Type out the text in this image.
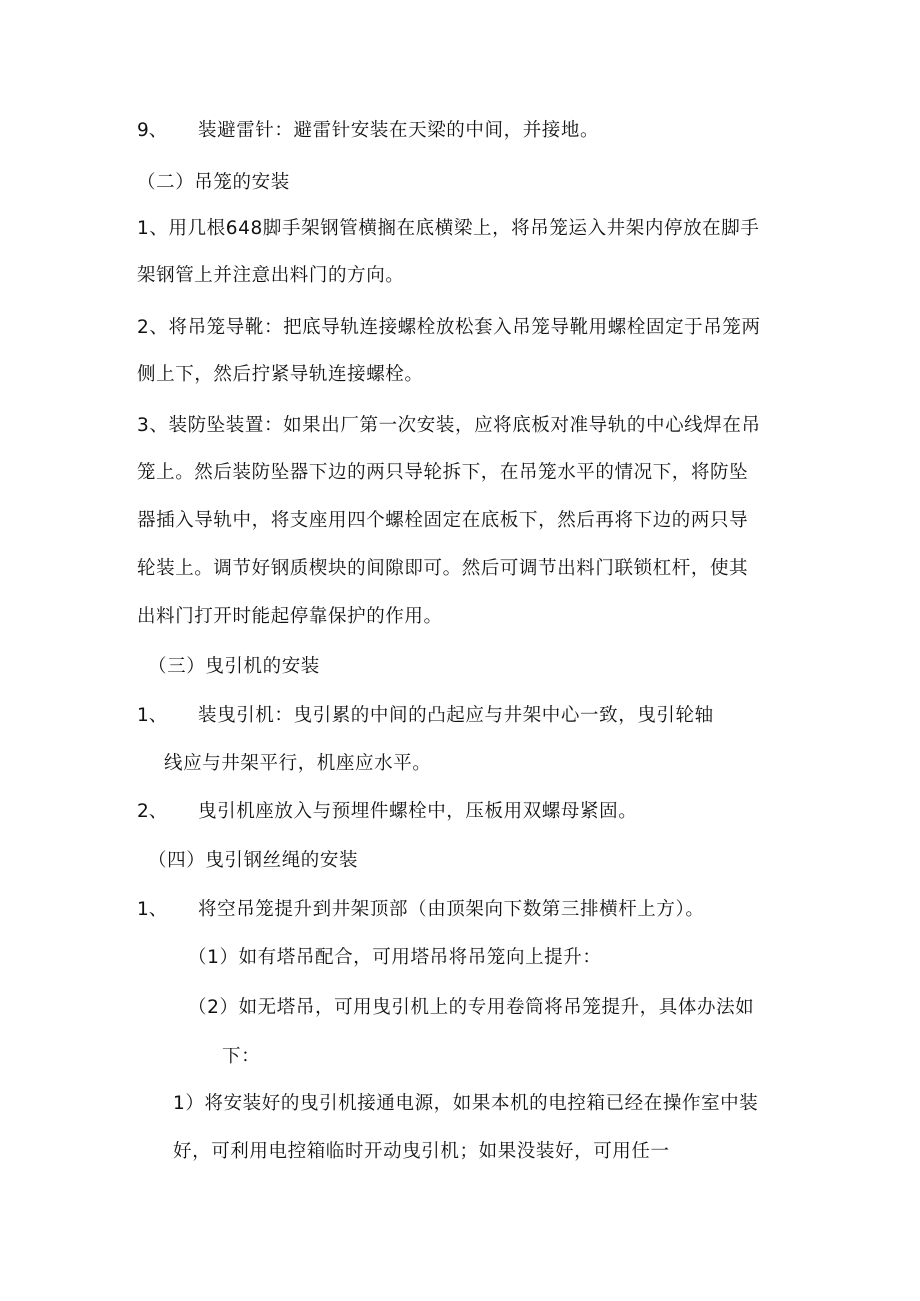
9、 装避雷针：避雷针安装在天梁的中间，并接地。
（二）吊笼的安装
1、用几根648脚手架钢管横搁在底横梁上，将吊笼运入井架内停放在脚手
架钢管上并注意出料门的方向。
2、将吊笼导靴：把底导轨连接螺栓放松套入吊笼导靴用螺栓固定于吊笼两
侧上下，然后拧紧导轨连接螺栓。
3、装防坠装置：如果出厂第一次安装，应将底板对准导轨的中心线焊在吊
笼上。然后装防坠器下边的两只导轮拆下，在吊笼水平的情况下，将防坠
器插入导轨中，将支座用四个螺栓固定在底板下，然后再将下边的两只导
轮装上。调节好钢质楔块的间隙即可。然后可调节出料门联锁杠杆，使其
出料门打开时能起停靠保护的作用。
（三）曳引机的安装
1、 装曳引机：曳引累的中间的凸起应与井架中心一致，曳引轮轴
线应与井架平行，机座应水平。
2、 曳引机座放入与预埋件螺栓中，压板用双螺母紧固。
（四）曳引钢丝绳的安装
1、 将空吊笼提升到井架顶部（由顶架向下数第三排横杆上方）。
（1）如有塔吊配合，可用塔吊将吊笼向上提升：
（2）如无塔吊，可用曳引机上的专用卷筒将吊笼提升，具体办法如
下：
1）将安装好的曳引机接通电源，如果本机的电控箱已经在操作室中装
好，可利用电控箱临时开动曳引机；如果没装好，可用任一
